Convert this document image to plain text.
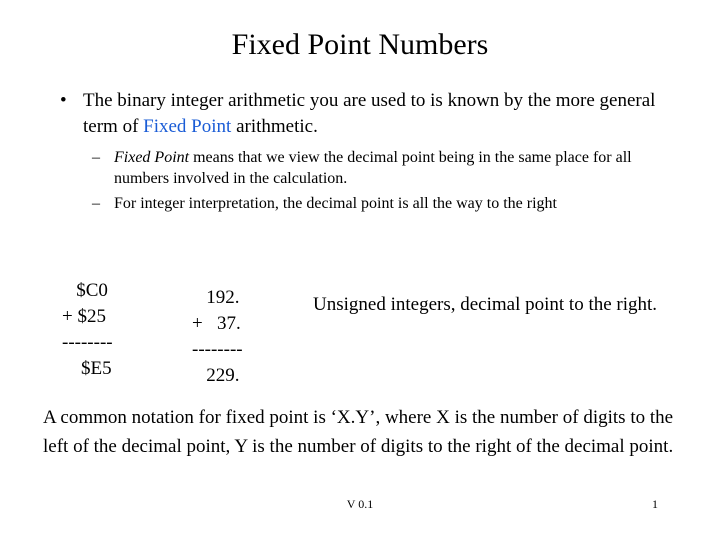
Fixed Point Numbers
• The binary integer arithmetic you are used to is known by the more general term of Fixed Point arithmetic.
– Fixed Point means that we view the decimal point being in the same place for all numbers involved in the calculation.
– For integer interpretation, the decimal point is all the way to the right
$C0
+ $25
--------
$E5
192.
+   37.
--------
229.
Unsigned integers, decimal point to the right.
A common notation for fixed point is ‘X.Y’, where X is the number of digits to the left of the decimal point, Y is the number of digits to the right of the decimal point.
V 0.1	1
